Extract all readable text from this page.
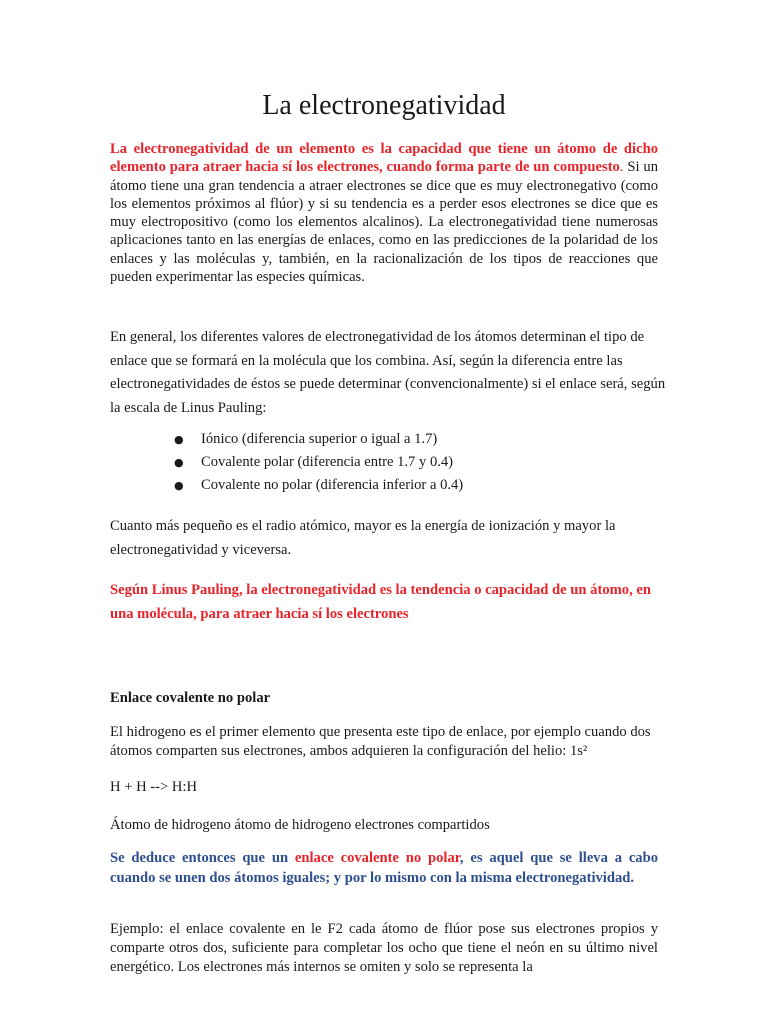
La electronegatividad

La electronegatividad de un elemento es la capacidad que tiene un átomo de dicho elemento para atraer hacia sí los electrones, cuando forma parte de un compuesto. Si un átomo tiene una gran tendencia a atraer electrones se dice que es muy electronegativo (como los elementos próximos al flúor) y si su tendencia es a perder esos electrones se dice que es muy electropositivo (como los elementos alcalinos). La electronegatividad tiene numerosas aplicaciones tanto en las energías de enlaces, como en las predicciones de la polaridad de los enlaces y las moléculas y, también, en la racionalización de los tipos de reacciones que pueden experimentar las especies químicas.

En general, los diferentes valores de electronegatividad de los átomos determinan el tipo de enlace que se formará en la molécula que los combina. Así, según la diferencia entre las electronegatividades de éstos se puede determinar (convencionalmente) si el enlace será, según la escala de Linus Pauling:

● Iónico (diferencia superior o igual a 1.7)
● Covalente polar (diferencia entre 1.7 y 0.4)
● Covalente no polar (diferencia inferior a 0.4)

Cuanto más pequeño es el radio atómico, mayor es la energía de ionización y mayor la electronegatividad y viceversa.

Según Linus Pauling, la electronegatividad es la tendencia o capacidad de un átomo, en una molécula, para atraer hacia sí los electrones

Enlace covalente no polar

El hidrogeno es el primer elemento que presenta este tipo de enlace, por ejemplo cuando dos átomos comparten sus electrones, ambos adquieren la configuración del helio: 1s²

H + H --> H:H

Átomo de hidrogeno átomo de hidrogeno electrones compartidos

Se deduce entonces que un enlace covalente no polar, es aquel que se lleva a cabo cuando se unen dos átomos iguales; y por lo mismo con la misma electronegatividad.

Ejemplo: el enlace covalente en le F2 cada átomo de flúor pose sus electrones propios y comparte otros dos, suficiente para completar los ocho que tiene el neón en su último nivel energético. Los electrones más internos se omiten y solo se representa la
